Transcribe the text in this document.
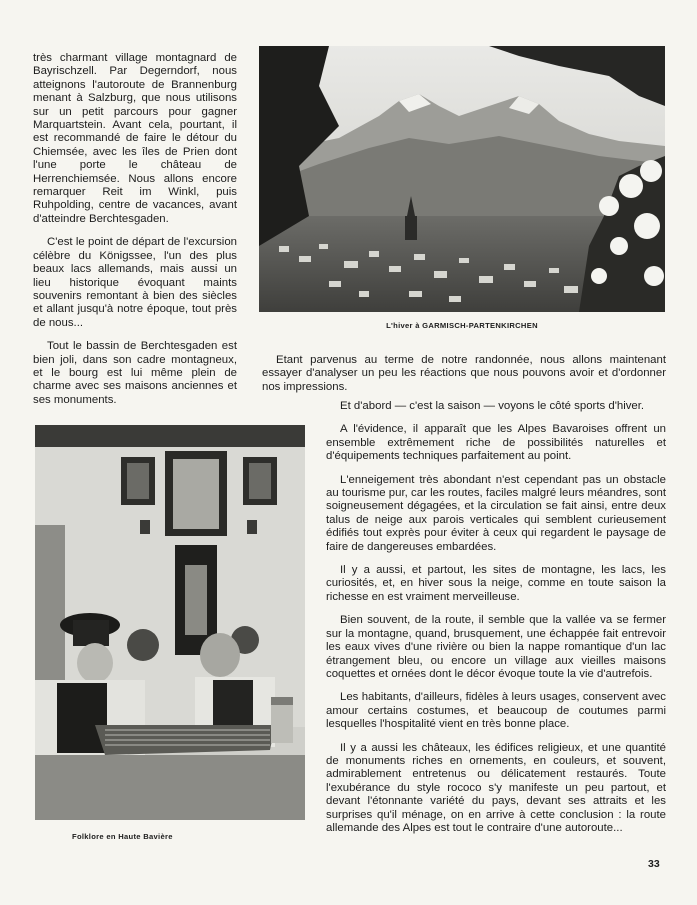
très charmant village montagnard de Bayrischzell. Par Degerndorf, nous atteignons l'autoroute de Brannenburg menant à Salzburg, que nous utilisons sur un petit parcours pour gagner Marquartstein. Avant cela, pourtant, il est recommandé de faire le détour du Chiemsée, avec les îles de Prien dont l'une porte le château de Herrenchiemsée. Nous allons encore remarquer Reit im Winkl, puis Ruhpolding, centre de vacances, avant d'atteindre Berchtesgaden.

C'est le point de départ de l'excursion célèbre du Königssee, l'un des plus beaux lacs allemands, mais aussi un lieu historique évoquant maints souvenirs remontant à bien des siècles et allant jusqu'à notre époque, tout près de nous...

Tout le bassin de Berchtesgaden est bien joli, dans son cadre montagneux, et le bourg est lui même plein de charme avec ses maisons anciennes et ses monuments.

L'hiver à GARMISCH-PARTENKIRCHEN

Etant parvenus au terme de notre randonnée, nous allons maintenant essayer d'analyser un peu les réactions que nous pouvons avoir et d'ordonner nos impressions.

Et d'abord — c'est la saison — voyons le côté sports d'hiver.

A l'évidence, il apparaît que les Alpes Bavaroises offrent un ensemble extrêmement riche de possibilités naturelles et d'équipements techniques parfaitement au point.

L'enneigement très abondant n'est cependant pas un obstacle au tourisme pur, car les routes, faciles malgré leurs méandres, sont soigneusement dégagées, et la circulation se fait ainsi, entre deux talus de neige aux parois verticales qui semblent curieusement édifiés tout exprès pour éviter à ceux qui regardent le paysage de faire de dangereuses embardées.

Il y a aussi, et partout, les sites de montagne, les lacs, les curiosités, et, en hiver sous la neige, comme en toute saison la richesse en est vraiment merveilleuse.

Bien souvent, de la route, il semble que la vallée va se fermer sur la montagne, quand, brusquement, une échappée fait entrevoir les eaux vives d'une rivière ou bien la nappe romantique d'un lac étrangement bleu, ou encore un village aux vieilles maisons coquettes et ornées dont le décor évoque toute la vie d'autrefois.

Les habitants, d'ailleurs, fidèles à leurs usages, conservent avec amour certains costumes, et beaucoup de coutumes parmi lesquelles l'hospitalité vient en très bonne place.

Il y a aussi les châteaux, les édifices religieux, et une quantité de monuments riches en ornements, en couleurs, et souvent, admirablement entretenus ou délicatement restaurés. Toute l'exubérance du style rococo s'y manifeste un peu partout, et devant l'étonnante variété du pays, devant ses attraits et les surprises qu'il ménage, on en arrive à cette conclusion : la route allemande des Alpes est tout le contraire d'une autoroute...

Folklore en Haute Bavière
33
